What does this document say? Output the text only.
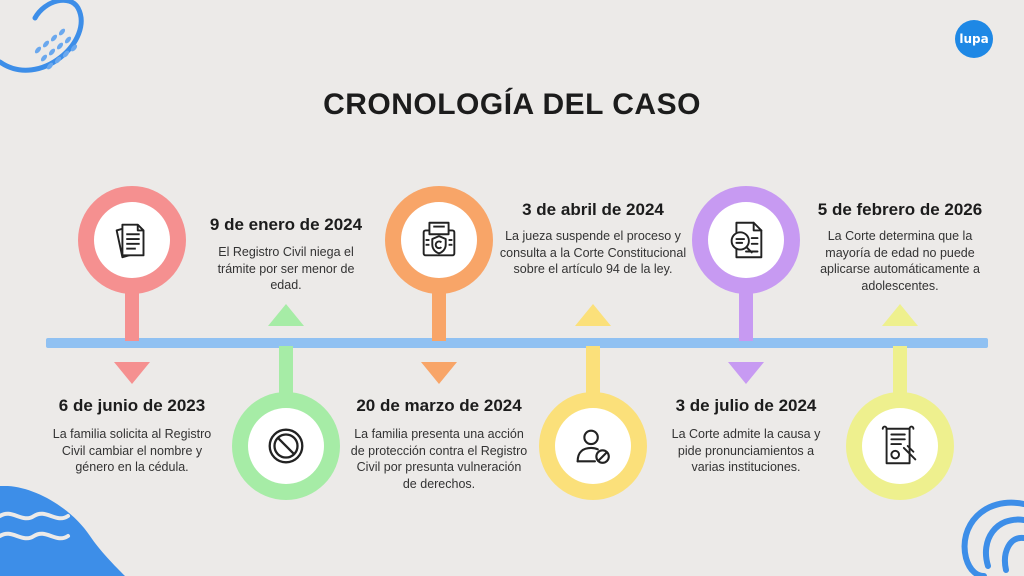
lupa
CRONOLOGÍA DEL CASO
6 de junio de 2023

La familia solicita al Registro Civil cambiar el nombre y género en la cédula.

9 de enero de 2024

El Registro Civil niega el trámite por ser menor de edad.

20 de marzo de 2024

La familia presenta una acción de protección contra el Registro Civil por presunta vulneración de derechos.

3 de abril de 2024

La jueza suspende el proceso y consulta a la Corte Constitucional sobre el artículo 94 de la ley.

3 de julio de 2024

La Corte admite la causa y pide pronunciamientos a varias instituciones.

5 de febrero de 2026

La Corte determina que la mayoría de edad no puede aplicarse automáticamente a adolescentes.
